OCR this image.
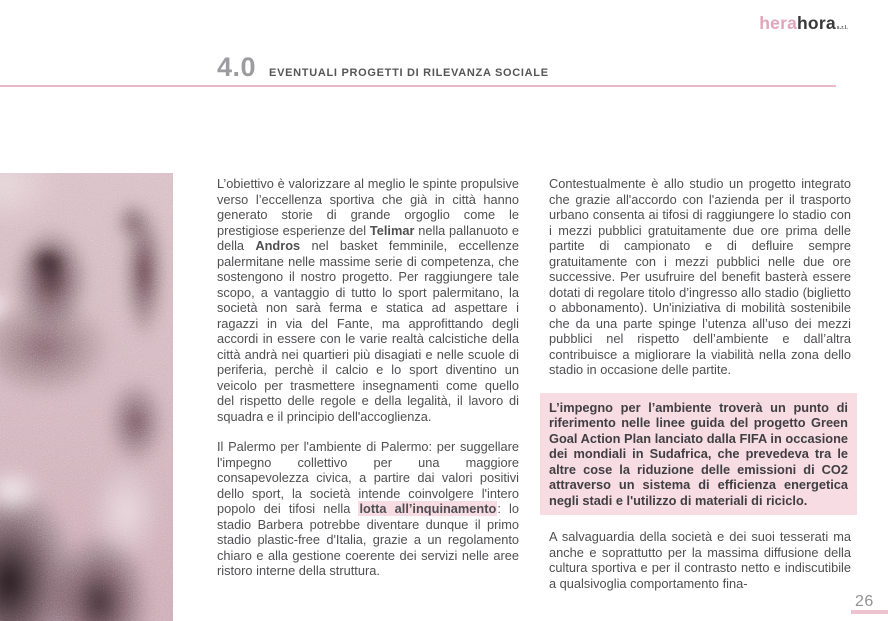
herahoras.r.l.
4.0 EVENTUALI PROGETTI DI RILEVANZA SOCIALE

L’obiettivo è valorizzare al meglio le spinte propulsive verso l’eccellenza sportiva che già in città hanno generato storie di grande orgoglio come le prestigiose esperienze del Telimar nella pallanuoto e della Andros nel basket femminile, eccellenze palermitane nelle massime serie di competenza, che sostengono il nostro progetto. Per raggiungere tale scopo, a vantaggio di tutto lo sport palermitano, la società non sarà ferma e statica ad aspettare i ragazzi in via del Fante, ma approfittando degli accordi in essere con le varie realtà calcistiche della città andrà nei quartieri più disagiati e nelle scuole di periferia, perchè il calcio e lo sport diventino un veicolo per trasmettere insegnamenti come quello del rispetto delle regole e della legalità, il lavoro di squadra e il principio dell'accoglienza.

Il Palermo per l'ambiente di Palermo: per suggellare l'impegno collettivo per una maggiore consapevolezza civica, a partire dai valori positivi dello sport, la società intende coinvolgere l'intero popolo dei tifosi nella lotta all’inquinamento: lo stadio Barbera potrebbe diventare dunque il primo stadio plastic-free d'Italia, grazie a un regolamento chiaro e alla gestione coerente dei servizi nelle aree ristoro interne della struttura.

Contestualmente è allo studio un progetto integrato che grazie all'accordo con l'azienda per il trasporto urbano consenta ai tifosi di raggiungere lo stadio con i mezzi pubblici gratuitamente due ore prima delle partite di campionato e di defluire sempre gratuitamente con i mezzi pubblici nelle due ore successive. Per usufruire del benefit basterà essere dotati di regolare titolo d’ingresso allo stadio (biglietto o abbonamento). Un'iniziativa di mobilità sostenibile che da una parte spinge l’utenza all’uso dei mezzi pubblici nel rispetto dell’ambiente e dall’altra contribuisce a migliorare la viabilità nella zona dello stadio in occasione delle partite.

L’impegno per l’ambiente troverà un punto di riferimento nelle linee guida del progetto Green Goal Action Plan lanciato dalla FIFA in occasione dei mondiali in Sudafrica, che prevedeva tra le altre cose la riduzione delle emissioni di CO2 attraverso un sistema di efficienza energetica negli stadi e l'utilizzo di materiali di riciclo.

A salvaguardia della società e dei suoi tesserati ma anche e soprattutto per la massima diffusione della cultura sportiva e per il contrasto netto e indiscutibile a qualsivoglia comportamento fina-

26
